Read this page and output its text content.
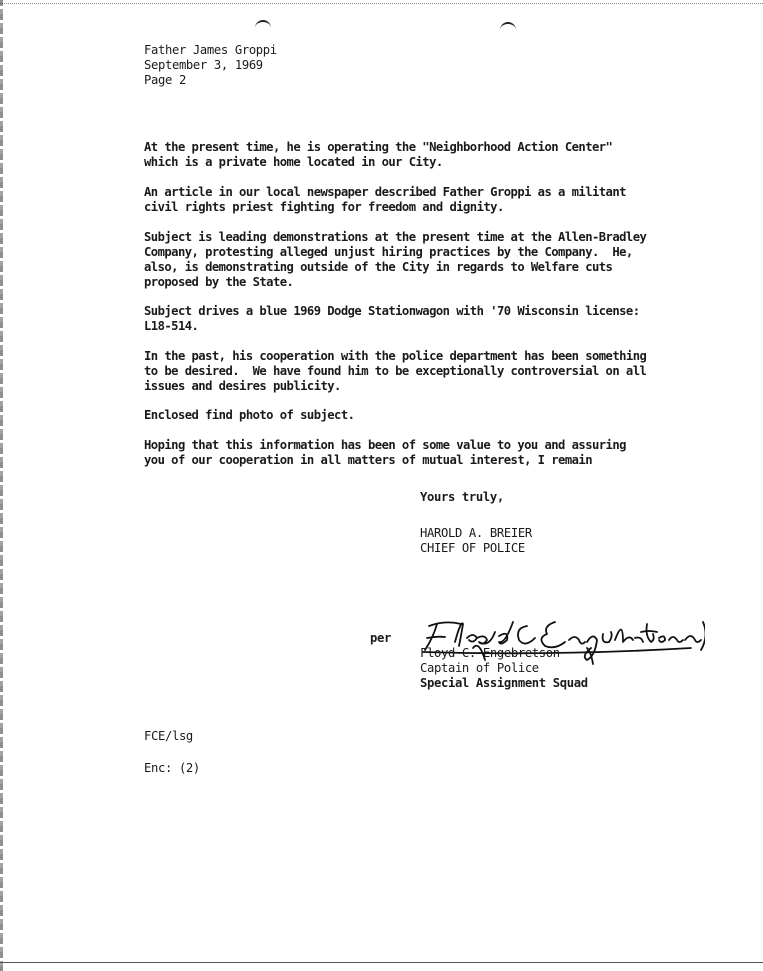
Father James Groppi
September 3, 1969
Page 2
At the present time, he is operating the "Neighborhood Action Center"
which is a private home located in our City.
An article in our local newspaper described Father Groppi as a militant
civil rights priest fighting for freedom and dignity.
Subject is leading demonstrations at the present time at the Allen-Bradley
Company, protesting alleged unjust hiring practices by the Company.  He,
also, is demonstrating outside of the City in regards to Welfare cuts
proposed by the State.
Subject drives a blue 1969 Dodge Stationwagon with '70 Wisconsin license:
L18-514.
In the past, his cooperation with the police department has been something
to be desired.  We have found him to be exceptionally controversial on all
issues and desires publicity.
Enclosed find photo of subject.
Hoping that this information has been of some value to you and assuring
you of our cooperation in all matters of mutual interest, I remain
Yours truly,
HAROLD A. BREIER
CHIEF OF POLICE
per
Floyd C. Engebretson
Captain of Police
Special Assignment Squad
FCE/lsg
Enc: (2)
